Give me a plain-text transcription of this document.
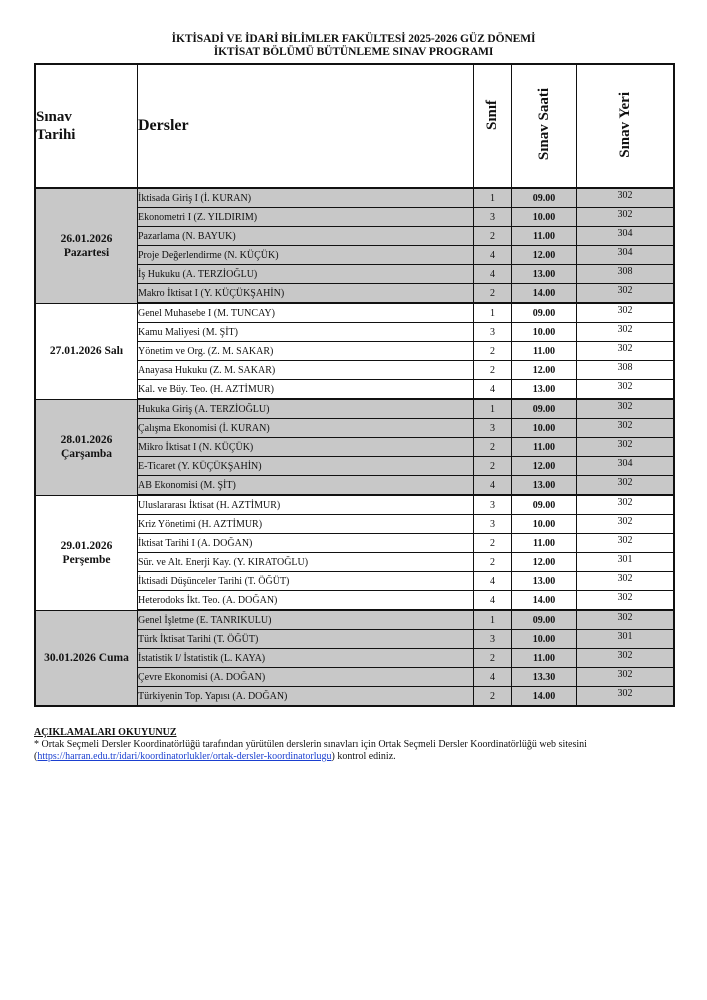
İKTİSADİ VE İDARİ BİLİMLER FAKÜLTESİ 2025-2026 GÜZ DÖNEMİ
İKTİSAT BÖLÜMÜ BÜTÜNLEME SINAV PROGRAMI
Sınav
Tarihi	Dersler	Sınıf	Sınav Saati	Sınav Yeri
26.01.2026
Pazartesi	İktisada Giriş I (İ. KURAN)	1	09.00	302
	Ekonometri I (Z. YILDIRIM)	3	10.00	302
	Pazarlama (N. BAYUK)	2	11.00	304
	Proje Değerlendirme (N. KÜÇÜK)	4	12.00	304
	İş Hukuku (A. TERZİOĞLU)	4	13.00	308
	Makro İktisat I (Y. KÜÇÜKŞAHİN)	2	14.00	302
27.01.2026 Salı	Genel Muhasebe I (M. TUNCAY)	1	09.00	302
	Kamu Maliyesi (M. ŞİT)	3	10.00	302
	Yönetim ve Org. (Z. M. SAKAR)	2	11.00	302
	Anayasa Hukuku (Z. M. SAKAR)	2	12.00	308
	Kal. ve Büy. Teo. (H. AZTİMUR)	4	13.00	302
28.01.2026
Çarşamba	Hukuka Giriş (A. TERZİOĞLU)	1	09.00	302
	Çalışma Ekonomisi (İ. KURAN)	3	10.00	302
	Mikro İktisat I (N. KÜÇÜK)	2	11.00	302
	E-Ticaret (Y. KÜÇÜKŞAHİN)	2	12.00	304
	AB Ekonomisi (M. ŞİT)	4	13.00	302
29.01.2026
Perşembe	Uluslararası İktisat (H. AZTİMUR)	3	09.00	302
	Kriz Yönetimi (H. AZTİMUR)	3	10.00	302
	İktisat Tarihi I (A. DOĞAN)	2	11.00	302
	Sür. ve Alt. Enerji Kay. (Y. KIRATOĞLU)	2	12.00	301
	İktisadi Düşünceler Tarihi (T. ÖĞÜT)	4	13.00	302
	Heterodoks İkt. Teo. (A. DOĞAN)	4	14.00	302
30.01.2026 Cuma	Genel İşletme (E. TANRIKULU)	1	09.00	302
	Türk İktisat Tarihi (T. ÖĞÜT)	3	10.00	301
	İstatistik I/ İstatistik (L. KAYA)	2	11.00	302
	Çevre Ekonomisi (A. DOĞAN)	4	13.30	302
	Türkiyenin Top. Yapısı (A. DOĞAN)	2	14.00	302
AÇIKLAMALARI OKUYUNUZ
* Ortak Seçmeli Dersler Koordinatörlüğü tarafından yürütülen derslerin sınavları için Ortak Seçmeli Dersler Koordinatörlüğü web sitesini
(https://harran.edu.tr/idari/koordinatorlukler/ortak-dersler-koordinatorlugu) kontrol ediniz.
